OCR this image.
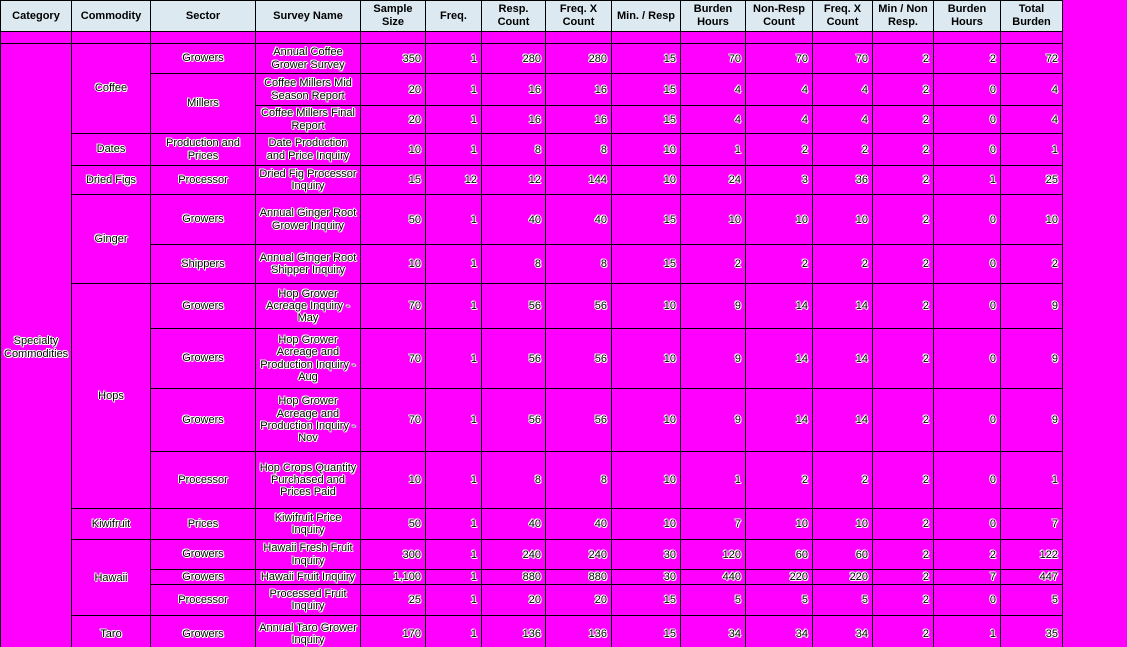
Category	Commodity	Sector	Survey Name	Sample Size	Freq.	Resp. Count	Freq. X Count	Min. / Resp	Burden Hours	Non-Resp Count	Freq. X Count	Min / Non Resp.	Burden Hours	Total Burden

Specialty Commodities	Coffee	Growers	Annual Coffee Grower Survey	350	1	280	280	15	70	70	70	2	2	72
		Millers	Coffee Millers Mid Season Report	20	1	16	16	15	4	4	4	2	0	4
			Coffee Millers Final Report	20	1	16	16	15	4	4	4	2	0	4
	Dates	Production and Prices	Date Production and Price Inquiry	10	1	8	8	10	1	2	2	2	0	1
	Dried Figs	Processor	Dried Fig Processor Inquiry	15	12	12	144	10	24	3	36	2	1	25
	Ginger	Growers	Annual Ginger Root Grower Inquiry	50	1	40	40	15	10	10	10	2	0	10
		Shippers	Annual Ginger Root Shipper Inquiry	10	1	8	8	15	2	2	2	2	0	2
	Hops	Growers	Hop Grower Acreage Inquiry - May	70	1	56	56	10	9	14	14	2	0	9
		Growers	Hop Grower Acreage and Production Inquiry - Aug	70	1	56	56	10	9	14	14	2	0	9
		Growers	Hop Grower Acreage and Production Inquiry - Nov	70	1	56	56	10	9	14	14	2	0	9
		Processor	Hop Crops Quantity Purchased and Prices Paid	10	1	8	8	10	1	2	2	2	0	1
	Kiwifruit	Prices	Kiwifruit Price Inquiry	50	1	40	40	10	7	10	10	2	0	7
	Hawaii	Growers	Hawaii Fresh Fruit Inquiry	300	1	240	240	30	120	60	60	2	2	122
		Growers	Hawaii Fruit Inquiry	1,100	1	880	880	30	440	220	220	2	7	447
		Processor	Processed Fruit Inquiry	25	1	20	20	15	5	5	5	2	0	5
	Taro	Growers	Annual Taro Grower Inquiry	170	1	136	136	15	34	34	34	2	1	35
